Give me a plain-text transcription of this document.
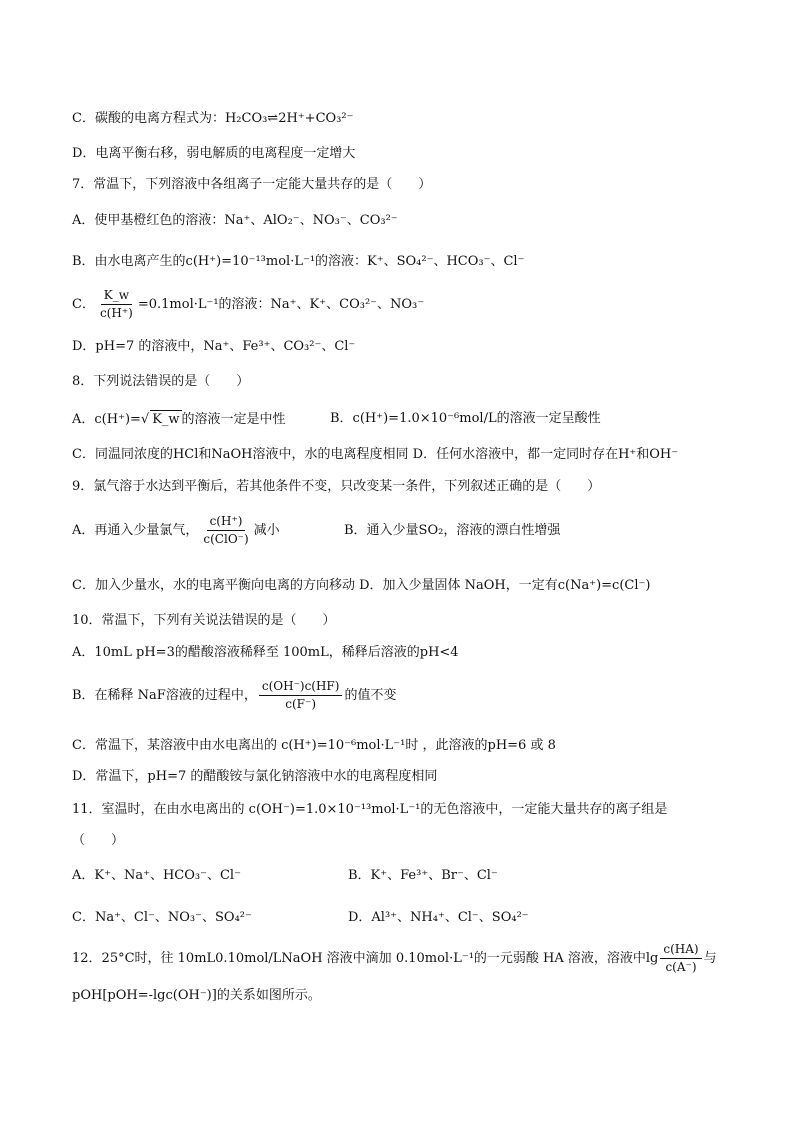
C．碳酸的电离方程式为：H₂CO₃⇌2H⁺+CO₃²⁻
D．电离平衡右移，弱电解质的电离程度一定增大
7．常温下，下列溶液中各组离子一定能大量共存的是（　　）
A．使甲基橙红色的溶液：Na⁺、AlO₂⁻、NO₃⁻、CO₃²⁻
B．由水电离产生的c(H⁺)=10⁻¹³mol·L⁻¹的溶液：K⁺、SO₄²⁻、HCO₃⁻、Cl⁻
C． $\frac{K\_w}{c(H^+)} =0.1mol\cdot L^{-1}$的溶液：Na⁺、K⁺、CO₃²⁻、NO₃⁻
D．pH=7 的溶液中，Na⁺、Fe³⁺、CO₃²⁻、Cl⁻
8．下列说法错误的是（　　）
A．c(H⁺)=√ K_w 的溶液一定是中性	B．c(H⁺)=1.0×10⁻⁶mol/L的溶液一定呈酸性
C．同温同浓度的HCl和NaOH溶液中，水的电离程度相同 D．任何水溶液中，都一定同时存在H⁺和OH⁻
9．氯气溶于水达到平衡后，若其他条件不变，只改变某一条件，下列叙述正确的是（　　）
A．再通入少量氯气， $\frac{c(H^+)}{\text{c(ClO⁻)}}$ 减小	B．通入少量SO₂，溶液的漂白性增强
C．加入少量水，水的电离平衡向电离的方向移动 D．加入少量固体 NaOH，一定有c(Na⁺)=c(Cl⁻)
10．常温下，下列有关说法错误的是（　　）
A．10mL pH=3的醋酸溶液稀释至 100mL，稀释后溶液的pH<4
B．在稀释 NaF溶液的过程中， $\frac{c(OH^-)c(HF)}{c(F^-)}$ 的值不变
C．常温下，某溶液中由水电离出的 c(H⁺)=10⁻⁶mol·L⁻¹时 ，此溶液的pH=6 或 8
D．常温下，pH=7 的醋酸铵与氯化钠溶液中水的电离程度相同
11．室温时，在由水电离出的 c(OH⁻)=1.0×10⁻¹³mol·L⁻¹的无色溶液中，一定能大量共存的离子组是
（　　）
A．K⁺、Na⁺、HCO₃⁻、Cl⁻	B．K⁺、Fe³⁺、Br⁻、Cl⁻
C．Na⁺、Cl⁻、NO₃⁻、SO₄²⁻	D．Al³⁺、NH₄⁺、Cl⁻、SO₄²⁻
12．25°C时，往 10mL0.10mol/LNaOH 溶液中滴加 0.10mol·L⁻¹的一元弱酸 HA 溶液，溶液中$\lg \frac{c(HA)}{c(A^-)}$ 与
pOH[pOH=-lgc(OH⁻)]的关系如图所示。
